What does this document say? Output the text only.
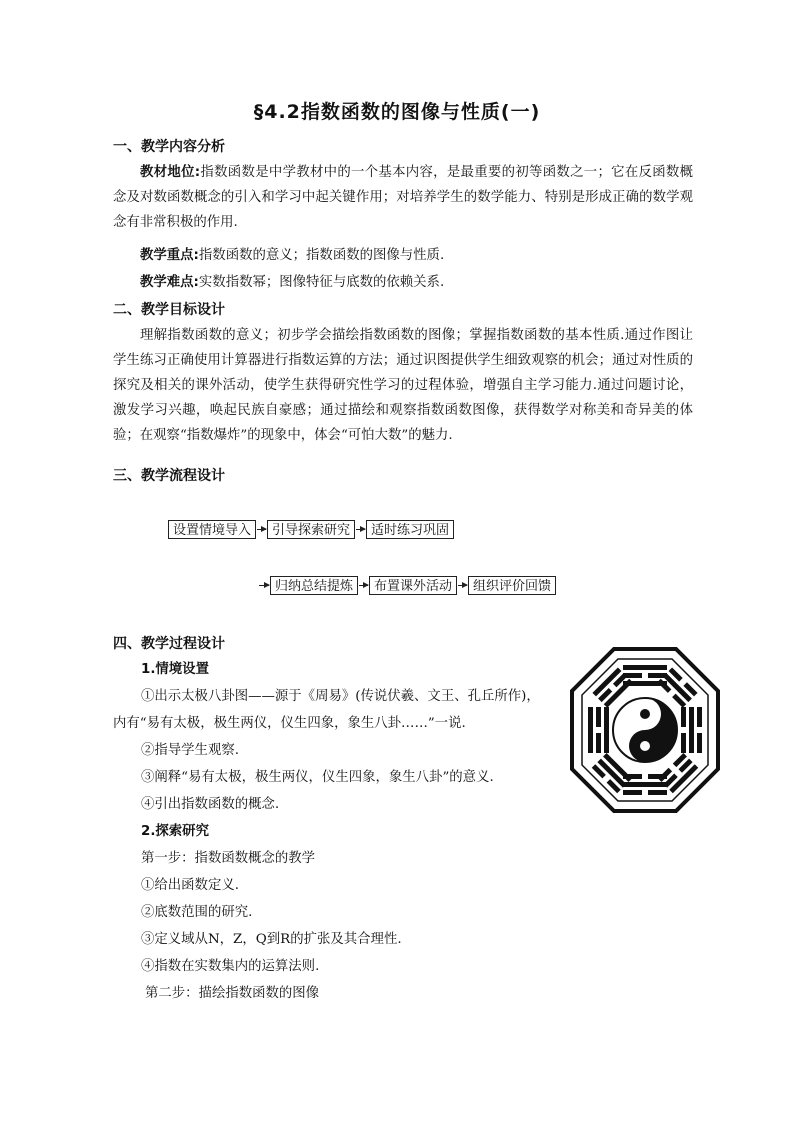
§4.2指数函数的图像与性质(一)
一、教学内容分析
教材地位:指数函数是中学教材中的一个基本内容，是最重要的初等函数之一；它在反函数概念及对数函数概念的引入和学习中起关键作用；对培养学生的数学能力、特别是形成正确的数学观念有非常积极的作用.
教学重点:指数函数的意义；指数函数的图像与性质.
教学难点:实数指数幂；图像特征与底数的依赖关系.
二、教学目标设计
理解指数函数的意义；初步学会描绘指数函数的图像；掌握指数函数的基本性质.通过作图让学生练习正确使用计算器进行指数运算的方法；通过识图提供学生细致观察的机会；通过对性质的探究及相关的课外活动，使学生获得研究性学习的过程体验，增强自主学习能力.通过问题讨论，激发学习兴趣，唤起民族自豪感；通过描绘和观察指数函数图像，获得数学对称美和奇异美的体验；在观察“指数爆炸”的现象中，体会“可怕大数”的魅力.
三、教学流程设计
设置情境导入	引导探索研究	适时练习巩固
归纳总结提炼	布置课外活动	组织评价回馈
四、教学过程设计
1.情境设置
①出示太极八卦图——源于《周易》(传说伏羲、文王、孔丘所作)，
内有“易有太极，极生两仪，仪生四象，象生八卦……”一说.
②指导学生观察.
③阐释“易有太极，极生两仪，仪生四象，象生八卦”的意义.
④引出指数函数的概念.
2.探索研究
第一步：指数函数概念的教学
①给出函数定义.
②底数范围的研究.
③定义域从N，Z，Q到R的扩张及其合理性.
④指数在实数集内的运算法则.
第二步：描绘指数函数的图像
